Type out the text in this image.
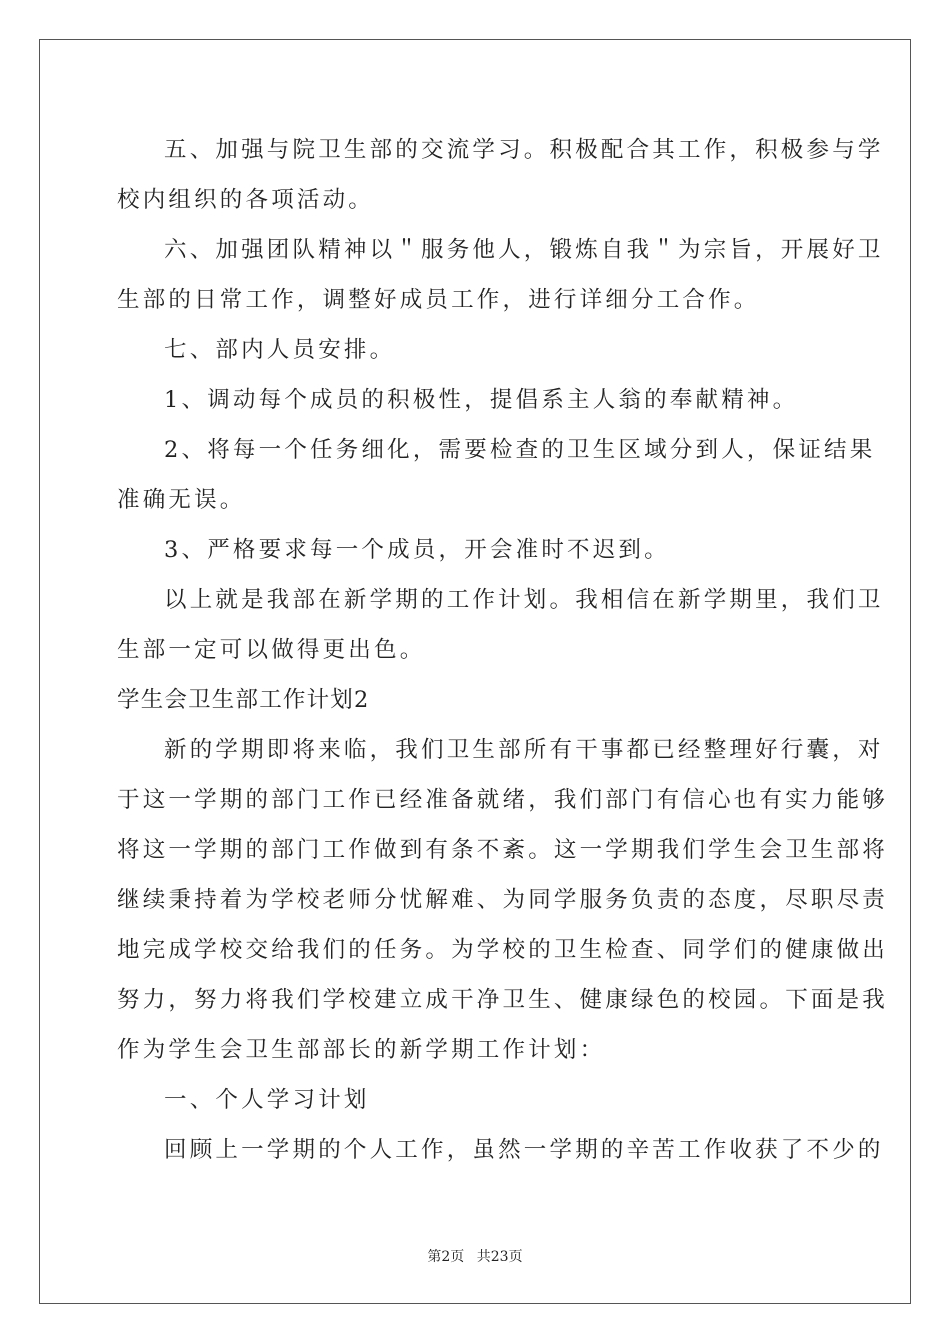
五、加强与院卫生部的交流学习。积极配合其工作，积极参与学
校内组织的各项活动。
六、加强团队精神以＂服务他人，锻炼自我＂为宗旨，开展好卫
生部的日常工作，调整好成员工作，进行详细分工合作。
七、部内人员安排。
1、调动每个成员的积极性，提倡系主人翁的奉献精神。
2、将每一个任务细化，需要检查的卫生区域分到人，保证结果
准确无误。
3、严格要求每一个成员，开会准时不迟到。
以上就是我部在新学期的工作计划。我相信在新学期里，我们卫
生部一定可以做得更出色。
学生会卫生部工作计划2
新的学期即将来临，我们卫生部所有干事都已经整理好行囊，对
于这一学期的部门工作已经准备就绪，我们部门有信心也有实力能够
将这一学期的部门工作做到有条不紊。这一学期我们学生会卫生部将
继续秉持着为学校老师分忧解难、为同学服务负责的态度，尽职尽责
地完成学校交给我们的任务。为学校的卫生检查、同学们的健康做出
努力，努力将我们学校建立成干净卫生、健康绿色的校园。下面是我
作为学生会卫生部部长的新学期工作计划：
一、个人学习计划
回顾上一学期的个人工作，虽然一学期的辛苦工作收获了不少的
第2页 共23页
